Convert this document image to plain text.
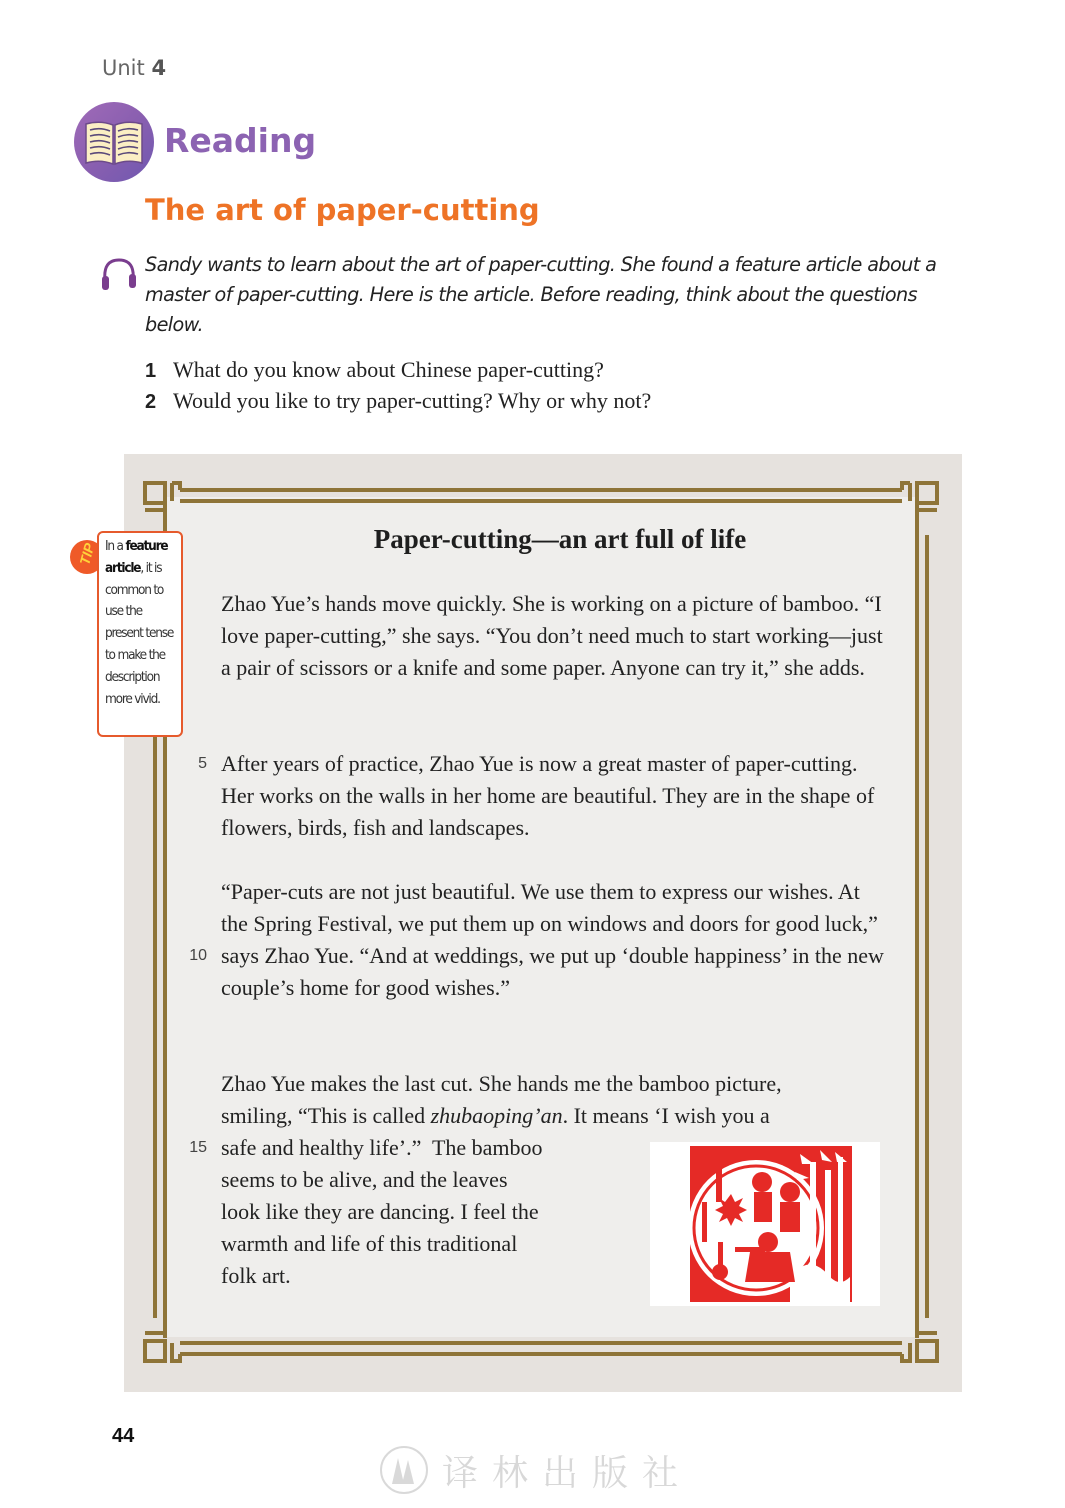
Unit 4
Reading
The art of paper-cutting
Sandy wants to learn about the art of paper-cutting. She found a feature article about a master of paper-cutting. Here is the article. Before reading, think about the questions below.
1 What do you know about Chinese paper-cutting?
2 Would you like to try paper-cutting? Why or why not?
TIP In a feature article, it is common to use the present tense to make the description more vivid.
Paper-cutting—an art full of life

Zhao Yue’s hands move quickly. She is working on a picture of bamboo. “I love paper-cutting,” she says. “You don’t need much to start working—just a pair of scissors or a knife and some paper. Anyone can try it,” she adds.

5 After years of practice, Zhao Yue is now a great master of paper-cutting. Her works on the walls in her home are beautiful. They are in the shape of flowers, birds, fish and landscapes.

10

“Paper-cuts are not just beautiful. We use them to express our wishes. At the Spring Festival, we put them up on windows and doors for good luck,” says Zhao Yue. “And at weddings, we put up ‘double happiness’ in the new couple’s home for good wishes.”

15

Zhao Yue makes the last cut. She hands me the bamboo picture,

smiling, “This is called zhubaoping’an. It means ‘I wish you a

safe and healthy life’.”  The bamboo

seems to be alive, and the leaves

look like they are dancing. I feel the

warmth and life of this traditional

folk art.

44
译林出版社
